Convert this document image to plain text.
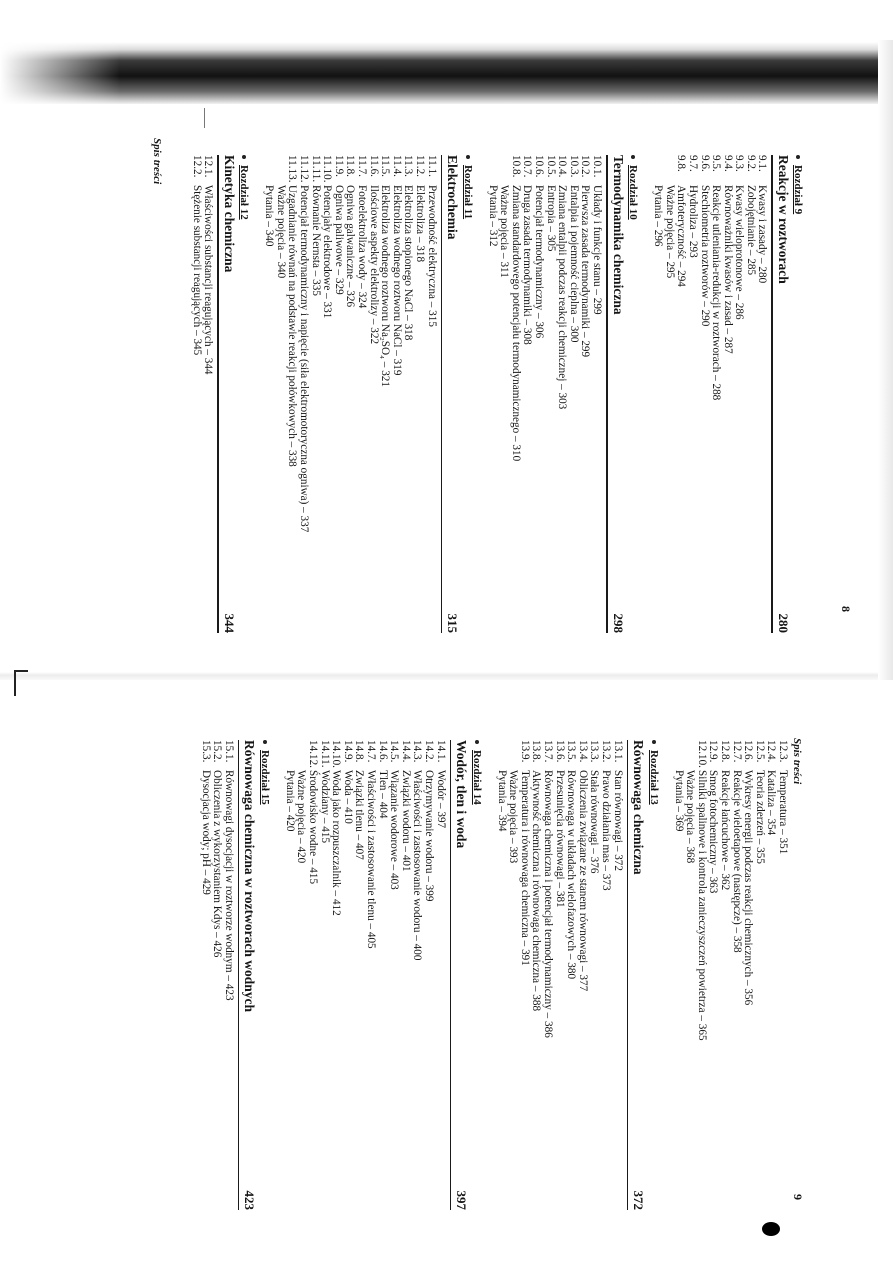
Spis treści
8
Rozdział 9
Reakcje w roztworach
280
9.1.
Kwasy i zasady – 280
9.2.
Zobojętnianie – 285
9.3.
Kwasy wieloprotonowe – 286
9.4.
Równoważniki kwasów i zasad – 287
9.5.
Reakcje utleniania-redukcji w roztworach – 288
9.6.
Stechiometria roztworów – 290
9.7.
Hydroliza – 293
9.8.
Amfoteryczność – 294
Ważne pojęcia – 295
Pytania – 296
Rozdział 10
Termodynamika chemiczna
298
10.1.
Układy i funkcje stanu – 299
10.2.
Pierwsza zasada termodynamiki – 299
10.3.
Entalpia i pojemność cieplna – 300
10.4.
Zmiana entalpii podczas reakcji chemicznej – 303
10.5.
Entropia – 305
10.6.
Potencjał termodynamiczny – 306
10.7.
Druga zasada termodynamiki – 308
10.8.
Zmiana standardowego potencjału termodynamicznego – 310
Ważne pojęcia – 311
Pytania – 312
Rozdział 11
Elektrochemia
315
11.1.
Przewodność elektryczna – 315
11.2.
Elektroliza – 318
11.3.
Elektroliza stopionego NaCl – 318
11.4.
Elektroliza wodnego roztworu NaCl – 319
11.5.
Elektroliza wodnego roztworu Na₂SO₄ – 321
11.6.
Ilościowe aspekty elektrolizy – 322
11.7.
Fotoelektroliza wody – 324
11.8.
Ogniwa galwaniczne – 326
11.9.
Ogniwa paliwowe – 329
11.10.
Potencjały elektrodowe – 331
11.11.
Równanie Nernsta – 335
11.12.
Potencjał termodynamiczny i napięcie (siła elektromotoryczna ogniwa) – 337
11.13.
Uzgadnianie równań na podstawie reakcji połówkowych – 338
Ważne pojęcia – 340
Pytania – 340
Rozdział 12
Kinetyka chemiczna
344
12.1.
Właściwości substancji reagujących – 344
12.2.
Stężenie substancji reagujących – 345
Spis treści
9
12.3.
Temperatura – 351
12.4.
Kataliza – 354
12.5.
Teoria zderzeń – 355
12.6.
Wykresy energii podczas reakcji chemicznych – 356
12.7.
Reakcje wieloetapowe (następcze) – 358
12.8.
Reakcje łańcuchowe – 362
12.9.
Smog fotochemiczny – 363
12.10.
Silniki spalinowe i kontrola zanieczyszczeń powietrza – 365
Ważne pojęcia – 368
Pytania – 369
Rozdział 13
Równowaga chemiczna
372
13.1.
Stan równowagi – 372
13.2.
Prawo działania mas – 373
13.3.
Stała równowagi – 376
13.4.
Obliczenia związane ze stanem równowagi – 377
13.5.
Równowaga w układach wielofazowych – 380
13.6.
Przesunięcia równowagi – 381
13.7.
Równowaga chemiczna i potencjał termodynamiczny – 386
13.8.
Aktywność chemiczna i równowaga chemiczna – 388
13.9.
Temperatura i równowaga chemiczna – 391
Ważne pojęcia – 393
Pytania – 394
Rozdział 14
Wodór, tlen i woda
397
14.1.
Wodór – 397
14.2.
Otrzymywanie wodoru – 399
14.3.
Właściwości i zastosowanie wodoru – 400
14.4.
Związki wodoru – 401
14.5.
Wiązanie wodorowe – 403
14.6.
Tlen – 404
14.7.
Właściwości i zastosowanie tlenu – 405
14.8.
Związki tlenu – 407
14.9.
Woda – 410
14.10.
Woda jako rozpuszczalnik – 412
14.11.
Wodziany – 415
14.12.
Środowisko wodne – 415
Ważne pojęcia – 420
Pytania – 420
Rozdział 15
Równowaga chemiczna w roztworach wodnych
423
15.1.
Równowagi dysocjacji w roztworze wodnym – 423
15.2.
Obliczenia z wykorzystaniem Kdys – 426
15.3.
Dysocjacja wody; pH – 429
